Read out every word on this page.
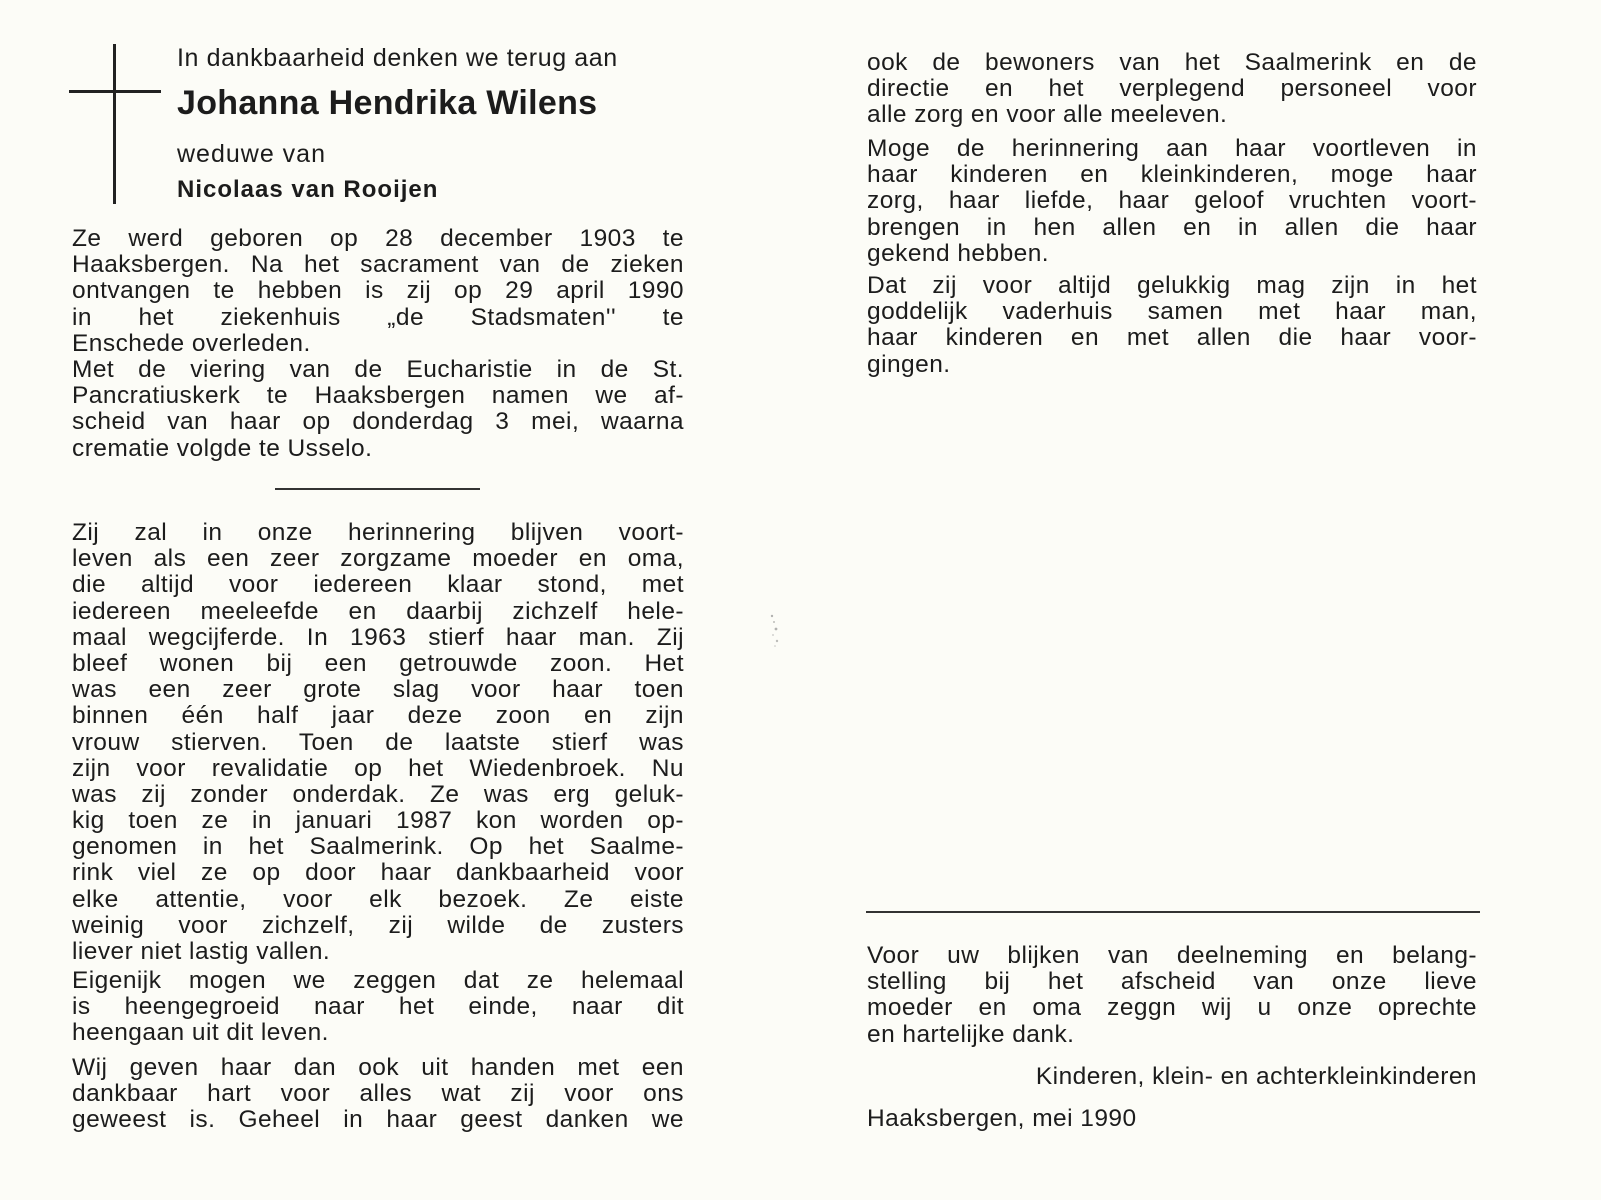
In dankbaarheid denken we terug aan
Johanna Hendrika Wilens
weduwe van
Nicolaas van Rooijen
Ze werd geboren op 28 december 1903 te
Haaksbergen. Na het sacrament van de zieken
ontvangen te hebben is zij op 29 april 1990
in het ziekenhuis „de Stadsmaten'' te
Enschede overleden.
Met de viering van de Eucharistie in de St.
Pancratiuskerk te Haaksbergen namen we af-
scheid van haar op donderdag 3 mei, waarna
crematie volgde te Usselo.
Zij zal in onze herinnering blijven voort-
leven als een zeer zorgzame moeder en oma,
die altijd voor iedereen klaar stond, met
iedereen meeleefde en daarbij zichzelf hele-
maal wegcijferde. In 1963 stierf haar man. Zij
bleef wonen bij een getrouwde zoon. Het
was een zeer grote slag voor haar toen
binnen één half jaar deze zoon en zijn
vrouw stierven. Toen de laatste stierf was
zijn voor revalidatie op het Wiedenbroek. Nu
was zij zonder onderdak. Ze was erg geluk-
kig toen ze in januari 1987 kon worden op-
genomen in het Saalmerink. Op het Saalme-
rink viel ze op door haar dankbaarheid voor
elke attentie, voor elk bezoek. Ze eiste
weinig voor zichzelf, zij wilde de zusters
liever niet lastig vallen.
Eigenijk mogen we zeggen dat ze helemaal
is heengegroeid naar het einde, naar dit
heengaan uit dit leven.
Wij geven haar dan ook uit handen met een
dankbaar hart voor alles wat zij voor ons
geweest is. Geheel in haar geest danken we
ook de bewoners van het Saalmerink en de
directie en het verplegend personeel voor
alle zorg en voor alle meeleven.
Moge de herinnering aan haar voortleven in
haar kinderen en kleinkinderen, moge haar
zorg, haar liefde, haar geloof vruchten voort-
brengen in hen allen en in allen die haar
gekend hebben.
Dat zij voor altijd gelukkig mag zijn in het
goddelijk vaderhuis samen met haar man,
haar kinderen en met allen die haar voor-
gingen.
Voor uw blijken van deelneming en belang-
stelling bij het afscheid van onze lieve
moeder en oma zeggn wij u onze oprechte
en hartelijke dank.
Kinderen, klein- en achterkleinkinderen
Haaksbergen, mei 1990
